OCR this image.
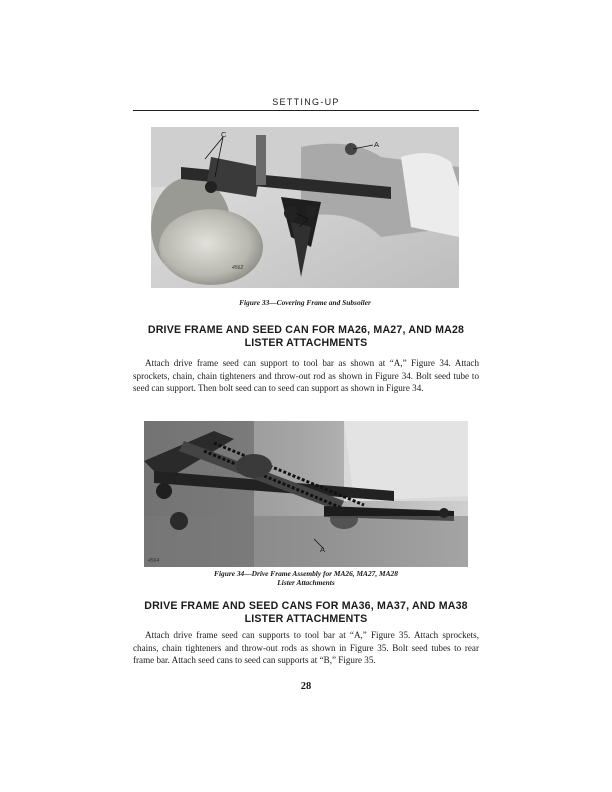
SETTING-UP
C
A
B
4562
Figure 33—Covering Frame and Subsoiler
DRIVE FRAME AND SEED CAN FOR MA26, MA27, AND MA28
LISTER ATTACHMENTS
Attach drive frame seed can support to tool bar as shown at “A,” Figure 34. Attach sprockets, chain, chain tighteners and throw-out rod as shown in Figure 34. Bolt seed tube to seed can support. Then bolt seed can to seed can support as shown in Figure 34.
A
4564
Figure 34—Drive Frame Assembly for MA26, MA27, MA28
Lister Attachments
DRIVE FRAME AND SEED CANS FOR MA36, MA37, AND MA38
LISTER ATTACHMENTS
Attach drive frame seed can supports to tool bar at “A,” Figure 35. Attach sprockets, chains, chain tighteners and throw-out rods as shown in Figure 35. Bolt seed tubes to rear frame bar. Attach seed cans to seed can supports at “B,” Figure 35.
28
